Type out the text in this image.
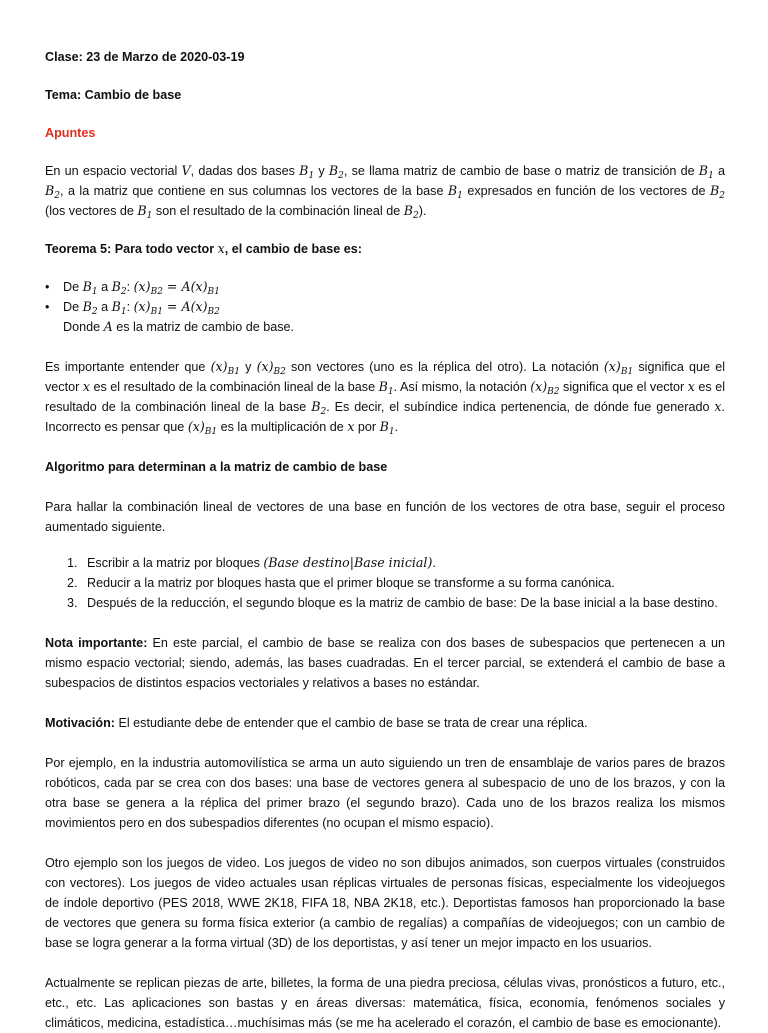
Clase: 23 de Marzo de 2020-03-19

Tema: Cambio de base

Apuntes

En un espacio vectorial V, dadas dos bases $B_1$ y $B_2$, se llama matriz de cambio de base o matriz de transición de $B_1$ a $B_2$, a la matriz que contiene en sus columnas los vectores de la base $B_1$ expresados en función de los vectores de $B_2$ (los vectores de $B_1$ son el resultado de la combinación lineal de $B_2$).

Teorema 5: Para todo vector x, el cambio de base es:

• De $B_1$ a $B_2$: $(x)_{B2} = A(x)_{B1}$
• De $B_2$ a $B_1$: $(x)_{B1} = A(x)_{B2}$
Donde A es la matriz de cambio de base.

Es importante entender que $(x)_{B1}$ y $(x)_{B2}$ son vectores (uno es la réplica del otro). La notación $(x)_{B1}$ significa que el vector x es el resultado de la combinación lineal de la base $B_1$. Así mismo, la notación $(x)_{B2}$ significa que el vector x es el resultado de la combinación lineal de la base $B_2$. Es decir, el subíndice indica pertenencia, de dónde fue generado x. Incorrecto es pensar que $(x)_{B1}$ es la multiplicación de x por $B_1$.

Algoritmo para determinan a la matriz de cambio de base

Para hallar la combinación lineal de vectores de una base en función de los vectores de otra base, seguir el proceso aumentado siguiente.

1. Escribir a la matriz por bloques (Base destino|Base inicial).
2. Reducir a la matriz por bloques hasta que el primer bloque se transforme a su forma canónica.
3. Después de la reducción, el segundo bloque es la matriz de cambio de base: De la base inicial a la base destino.

Nota importante: En este parcial, el cambio de base se realiza con dos bases de subespacios que pertenecen a un mismo espacio vectorial; siendo, además, las bases cuadradas. En el tercer parcial, se extenderá el cambio de base a subespacios de distintos espacios vectoriales y relativos a bases no estándar.

Motivación: El estudiante debe de entender que el cambio de base se trata de crear una réplica.

Por ejemplo, en la industria automovilística se arma un auto siguiendo un tren de ensamblaje de varios pares de brazos robóticos, cada par se crea con dos bases: una base de vectores genera al subespacio de uno de los brazos, y con la otra base se genera a la réplica del primer brazo (el segundo brazo). Cada uno de los brazos realiza los mismos movimientos pero en dos subespadios diferentes (no ocupan el mismo espacio).

Otro ejemplo son los juegos de video. Los juegos de video no son dibujos animados, son cuerpos virtuales (construidos con vectores). Los juegos de video actuales usan réplicas virtuales de personas físicas, especialmente los videojuegos de índole deportivo (PES 2018, WWE 2K18, FIFA 18, NBA 2K18, etc.). Deportistas famosos han proporcionado la base de vectores que genera su forma física exterior (a cambio de regalías) a compañías de videojuegos; con un cambio de base se logra generar a la forma virtual (3D) de los deportistas, y así tener un mejor impacto en los usuarios.

Actualmente se replican piezas de arte, billetes, la forma de una piedra preciosa, células vivas, pronósticos a futuro, etc., etc., etc. Las aplicaciones son bastas y en áreas diversas: matemática, física, economía, fenómenos sociales y climáticos, medicina, estadística…muchísimas más (se me ha acelerado el corazón, el cambio de base es emocionante).
